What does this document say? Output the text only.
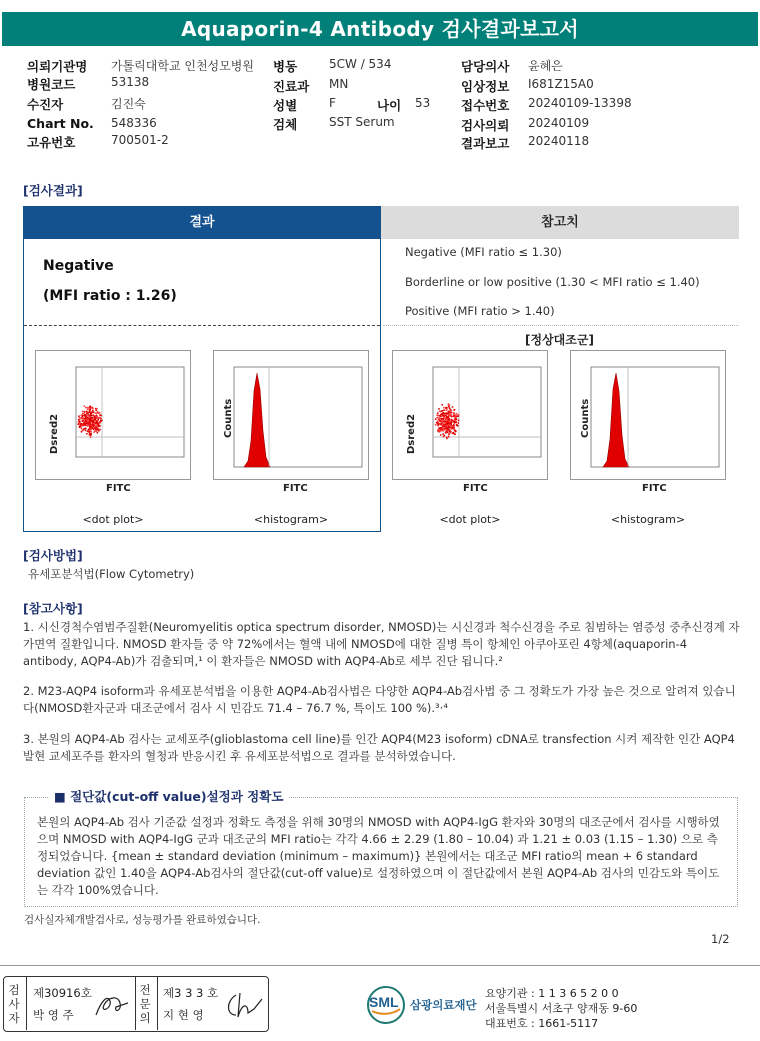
Aquaporin-4 Antibody 검사결과보고서
의뢰기관명 가톨릭대학교 인천성모병원
병원코드	53138
수진자	김진숙
Chart No. 548336
고유번호	700501-2
병동	5CW / 534
진료과 MN
성별	F	나이 53
검체	SST Serum
담당의사 윤혜은
임상정보 I681Z15A0
접수번호 20240109-13398
검사의뢰 20240109
결과보고 20240118
[검사결과]
결과	참고치
Negative
(MFI ratio : 1.26)
Negative (MFI ratio ≤ 1.30)
Borderline or low positive (1.30 < MFI ratio ≤ 1.40)
Positive (MFI ratio > 1.40)
[정상대조군]
Dsred2
FITC
<dot plot>
Counts
FITC
<histogram>
Dsred2
FITC
<dot plot>
Counts
FITC
<histogram>
[검사방법]
유세포분석법(Flow Cytometry)
[참고사항]
1. 시신경척수염범주질환(Neuromyelitis optica spectrum disorder, NMOSD)는 시신경과 척수신경을 주로 침범하는 염증성 중추신경계 자가면역 질환입니다. NMOSD 환자들 중 약 72%에서는 혈액 내에 NMOSD에 대한 질병 특이 항체인 아쿠아포린 4항체(aquaporin-4 antibody, AQP4-Ab)가 검출되며,¹ 이 환자들은 NMOSD with AQP4-Ab로 세부 진단 됩니다.²
2. M23-AQP4 isoform과 유세포분석법을 이용한 AQP4-Ab검사법은 다양한 AQP4-Ab검사법 중 그 정확도가 가장 높은 것으로 알려져 있습니다(NMOSD환자군과 대조군에서 검사 시 민감도 71.4 – 76.7 %, 특이도 100 %).³·⁴
3. 본원의 AQP4-Ab 검사는 교세포주(glioblastoma cell line)를 인간 AQP4(M23 isoform) cDNA로 transfection 시켜 제작한 인간 AQP4 발현 교세포주를 환자의 혈청과 반응시킨 후 유세포분석법으로 결과를 분석하였습니다.
■ 절단값(cut-off value)설정과 정확도
본원의 AQP4-Ab 검사 기준값 설정과 정확도 측정을 위해 30명의 NMOSD with AQP4-IgG 환자와 30명의 대조군에서 검사를 시행하였으며 NMOSD with AQP4-IgG 군과 대조군의 MFI ratio는 각각 4.66 ± 2.29 (1.80 – 10.04) 과 1.21 ± 0.03 (1.15 – 1.30) 으로 측정되었습니다. {mean ± standard deviation (minimum – maximum)} 본원에서는 대조군 MFI ratio의 mean + 6 standard deviation 값인 1.40을 AQP4-Ab검사의 절단값(cut-off value)로 설정하였으며 이 절단값에서 본원 AQP4-Ab 검사의 민감도와 특이도는 각각 100%였습니다.
검사실자체개발검사로, 성능평가를 완료하였습니다.
1/2
검사자
제30916호
박 영 주
전문의
제3 3 3 호
지 현 영
SML 삼광의료재단
요양기관 : 1 1 3 6 5 2 0 0
서울특별시 서초구 양재동 9-60
대표번호 : 1661-5117
